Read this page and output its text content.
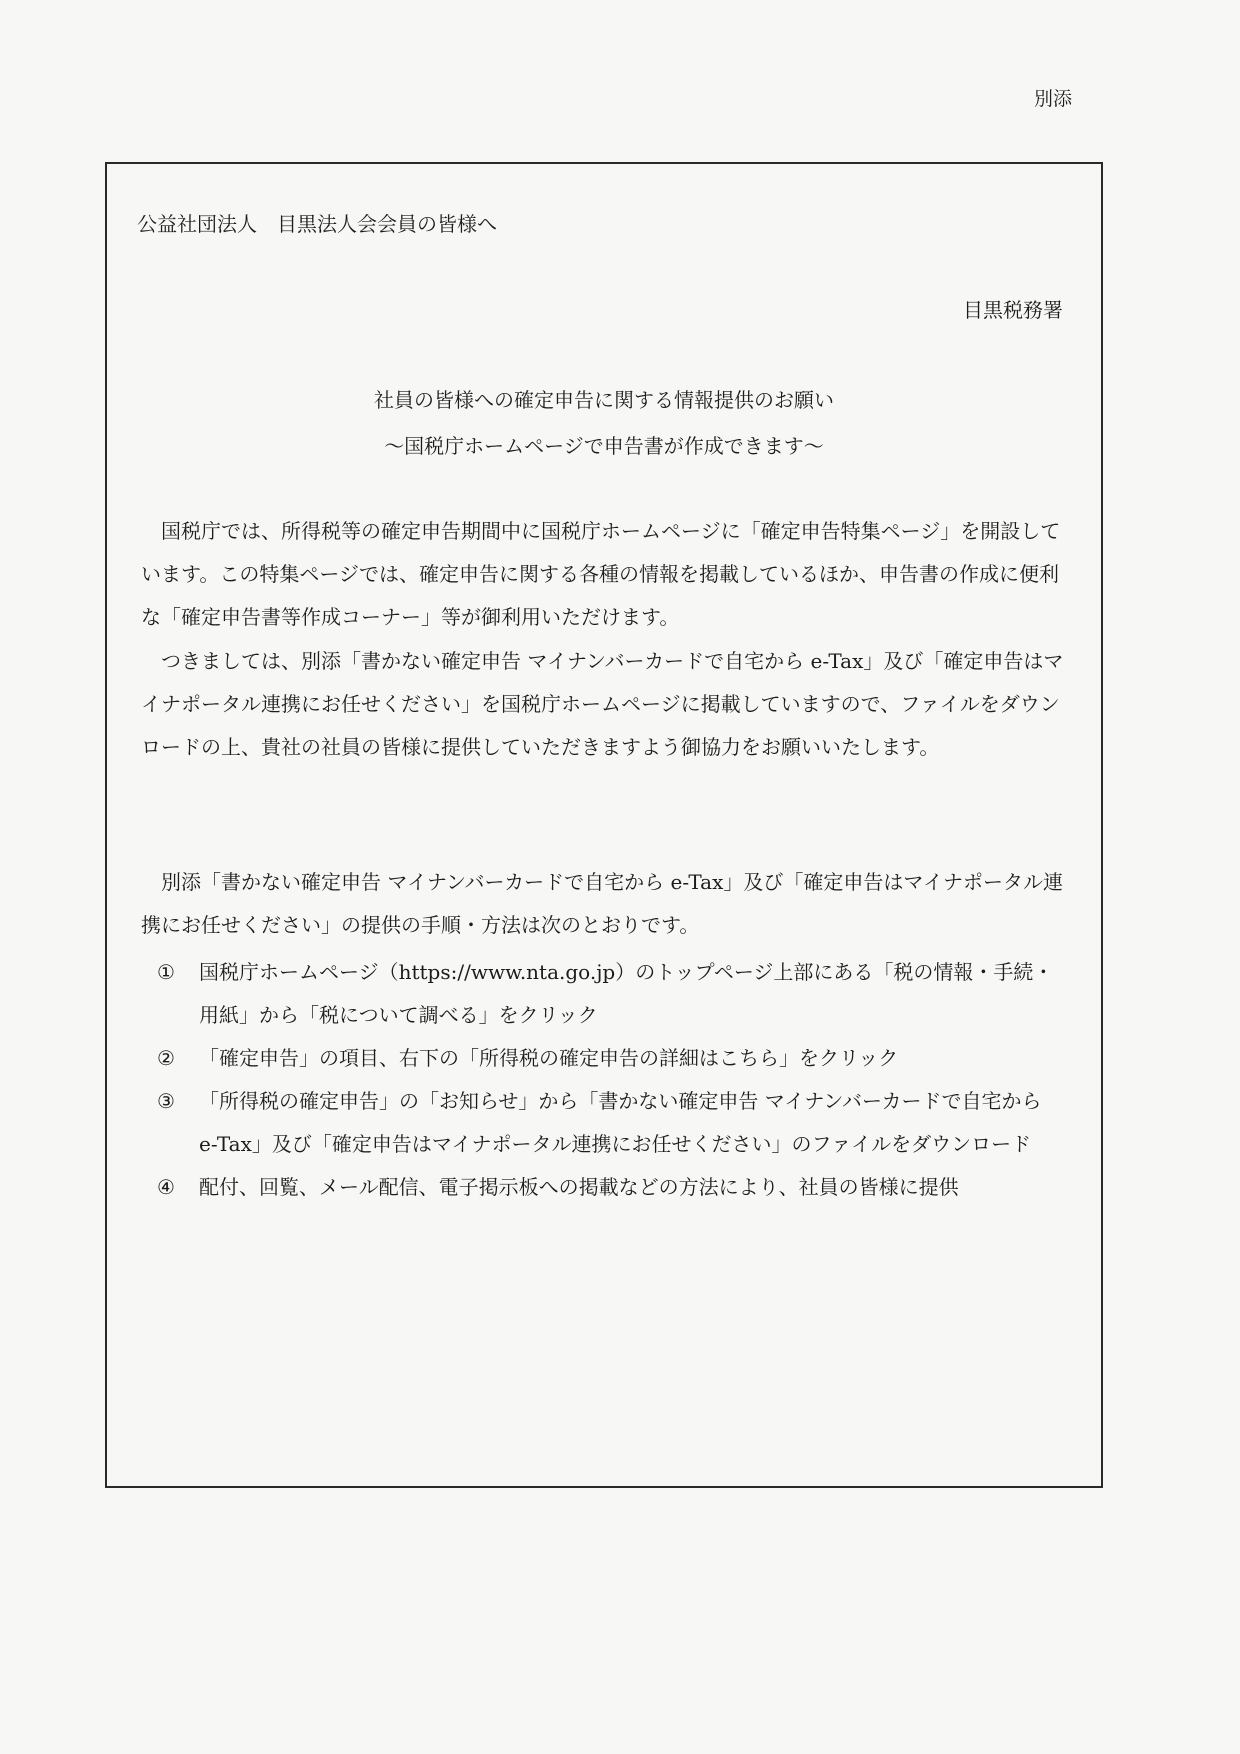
別添
公益社団法人　目黒法人会会員の皆様へ
目黒税務署
社員の皆様への確定申告に関する情報提供のお願い
～国税庁ホームページで申告書が作成できます～

国税庁では、所得税等の確定申告期間中に国税庁ホームページに「確定申告特集ページ」を開設しています。この特集ページでは、確定申告に関する各種の情報を掲載しているほか、申告書の作成に便利な「確定申告書等作成コーナー」等が御利用いただけます。

つきましては、別添「書かない確定申告 マイナンバーカードで自宅から e-Tax」及び「確定申告はマイナポータル連携にお任せください」を国税庁ホームページに掲載していますので、ファイルをダウンロードの上、貴社の社員の皆様に提供していただきますよう御協力をお願いいたします。

別添「書かない確定申告 マイナンバーカードで自宅から e-Tax」及び「確定申告はマイナポータル連携にお任せください」の提供の手順・方法は次のとおりです。

①	国税庁ホームページ（https://www.nta.go.jp）のトップページ上部にある「税の情報・手続・用紙」から「税について調べる」をクリック
②	「確定申告」の項目、右下の「所得税の確定申告の詳細はこちら」をクリック
③	「所得税の確定申告」の「お知らせ」から「書かない確定申告 マイナンバーカードで自宅から e-Tax」及び「確定申告はマイナポータル連携にお任せください」のファイルをダウンロード
④	配付、回覧、メール配信、電子掲示板への掲載などの方法により、社員の皆様に提供
